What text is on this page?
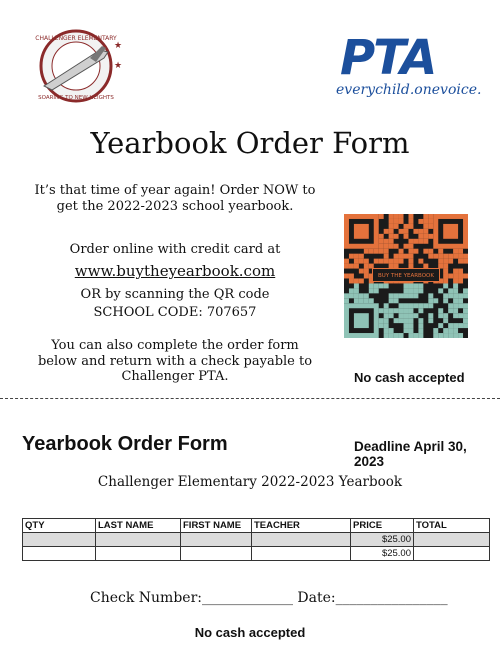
CHALLENGER ELEMENTARY
SOARING TO NEW HEIGHTS
★
★	PTA
everychild.onevoice.
Yearbook Order Form
It’s that time of year again! Order NOW to get the 2022-2023 school yearbook.
Order online with credit card at
www.buytheyearbook.com
OR by scanning the QR code
SCHOOL CODE: 707657
You can also complete the order form below and return with a check payable to Challenger PTA.
BUY THE YEARBOOK
No cash accepted
Yearbook Order Form	Deadline April 30, 2023
Challenger Elementary 2022-2023 Yearbook
QTY	LAST NAME	FIRST NAME	TEACHER	PRICE	TOTAL
				$25.00	
				$25.00	
Check Number:_____________ Date:________________
No cash accepted
